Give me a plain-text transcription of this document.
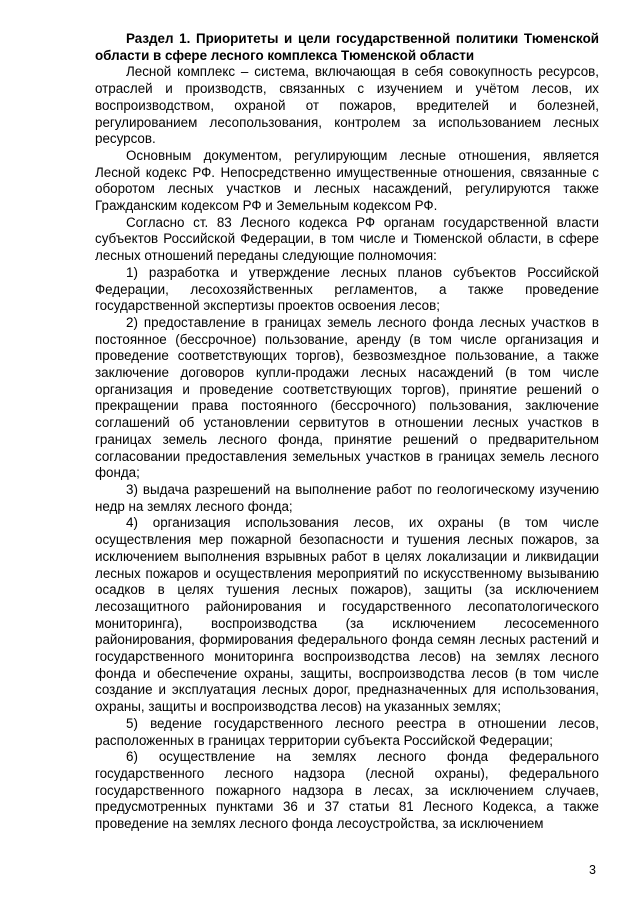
Раздел 1. Приоритеты и цели государственной политики Тюменской области в сфере лесного комплекса Тюменской области

Лесной комплекс – система, включающая в себя совокупность ресурсов, отраслей и производств, связанных с изучением и учётом лесов, их воспроизводством, охраной от пожаров, вредителей и болезней, регулированием лесопользования, контролем за использованием лесных ресурсов.

Основным документом, регулирующим лесные отношения, является Лесной кодекс РФ. Непосредственно имущественные отношения, связанные с оборотом лесных участков и лесных насаждений, регулируются также Гражданским кодексом РФ и Земельным кодексом РФ.

Согласно ст. 83 Лесного кодекса РФ органам государственной власти субъектов Российской Федерации, в том числе и Тюменской области, в сфере лесных отношений переданы следующие полномочия:

1) разработка и утверждение лесных планов субъектов Российской Федерации, лесохозяйственных регламентов, а также проведение государственной экспертизы проектов освоения лесов;

2) предоставление в границах земель лесного фонда лесных участков в постоянное (бессрочное) пользование, аренду (в том числе организация и проведение соответствующих торгов), безвозмездное пользование, а также заключение договоров купли-продажи лесных насаждений (в том числе организация и проведение соответствующих торгов), принятие решений о прекращении права постоянного (бессрочного) пользования, заключение соглашений об установлении сервитутов в отношении лесных участков в границах земель лесного фонда, принятие решений о предварительном согласовании предоставления земельных участков в границах земель лесного фонда;

3) выдача разрешений на выполнение работ по геологическому изучению недр на землях лесного фонда;

4) организация использования лесов, их охраны (в том числе осуществления мер пожарной безопасности и тушения лесных пожаров, за исключением выполнения взрывных работ в целях локализации и ликвидации лесных пожаров и осуществления мероприятий по искусственному вызыванию осадков в целях тушения лесных пожаров), защиты (за исключением лесозащитного районирования и государственного лесопатологического мониторинга), воспроизводства (за исключением лесосеменного районирования, формирования федерального фонда семян лесных растений и государственного мониторинга воспроизводства лесов) на землях лесного фонда и обеспечение охраны, защиты, воспроизводства лесов (в том числе создание и эксплуатация лесных дорог, предназначенных для использования, охраны, защиты и воспроизводства лесов) на указанных землях;

5) ведение государственного лесного реестра в отношении лесов, расположенных в границах территории субъекта Российской Федерации;

6) осуществление на землях лесного фонда федерального государственного лесного надзора (лесной охраны), федерального государственного пожарного надзора в лесах, за исключением случаев, предусмотренных пунктами 36 и 37 статьи 81 Лесного Кодекса, а также проведение на землях лесного фонда лесоустройства, за исключением

3
